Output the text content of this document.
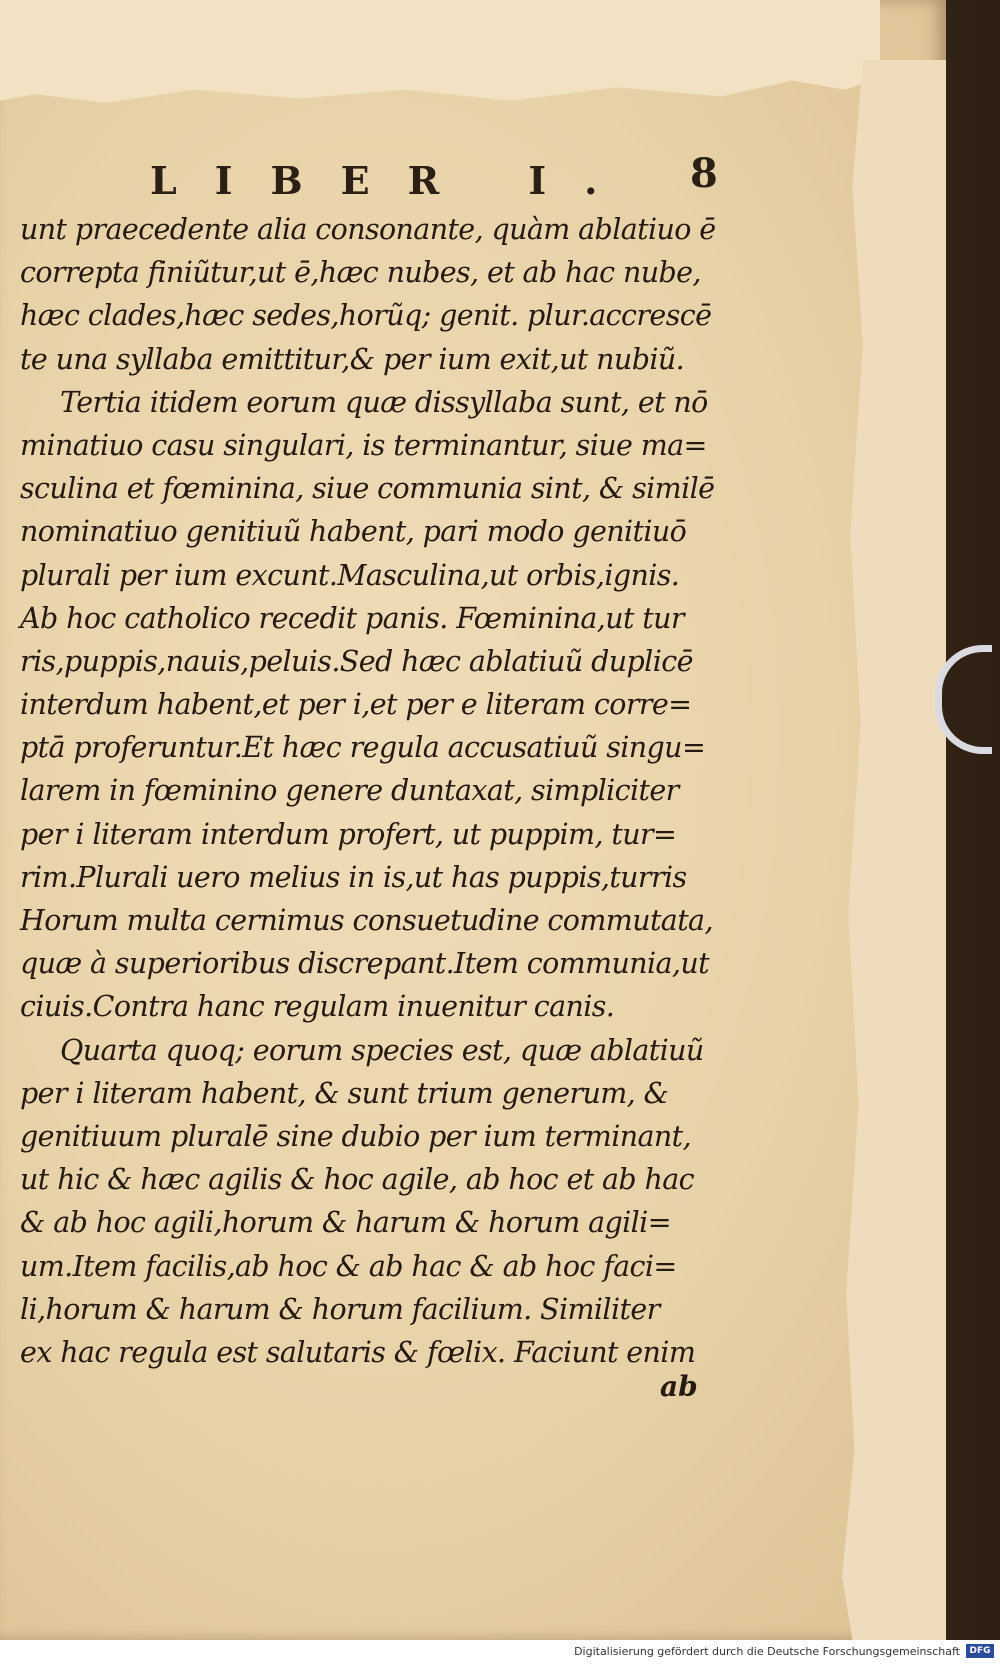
LIBER I. 8
unt praecedente alia consonante, quàm ablatiuo ē
correpta finiũtur,ut ē,hæc nubes, et ab hac nube,
hæc clades,hæc sedes,horũq; genit. plur.accrescē
te una syllaba emittitur,& per ium exit,ut nubiũ.
Tertia itidem eorum quæ dissyllaba sunt, et nō
minatiuo casu singulari, is terminantur, siue ma=
sculina et fœminina, siue communia sint, & similē
nominatiuo genitiuũ habent, pari modo genitiuō
plurali per ium excunt.Masculina,ut orbis,ignis.
Ab hoc catholico recedit panis. Fœminina,ut tur
ris,puppis,nauis,peluis.Sed hæc ablatiuũ duplicē
interdum habent,et per i,et per e literam corre=
ptā proferuntur.Et hæc regula accusatiuũ singu=
larem in fœminino genere duntaxat, simpliciter
per i literam interdum profert, ut puppim, tur=
rim.Plurali uero melius in is,ut has puppis,turris
Horum multa cernimus consuetudine commutata,
quæ à superioribus discrepant.Item communia,ut
ciuis.Contra hanc regulam inuenitur canis.
Quarta quoq; eorum species est, quæ ablatiuũ
per i literam habent, & sunt trium generum, &
genitiuum pluralē sine dubio per ium terminant,
ut hic & hæc agilis & hoc agile, ab hoc et ab hac
& ab hoc agili,horum & harum & horum agili=
um.Item facilis,ab hoc & ab hac & ab hoc faci=
li,horum & harum & horum facilium. Similiter
ex hac regula est salutaris & fœlix. Faciunt enim
ab
Digitalisierung gefördert durch die Deutsche Forschungsgemeinschaft	DFG
